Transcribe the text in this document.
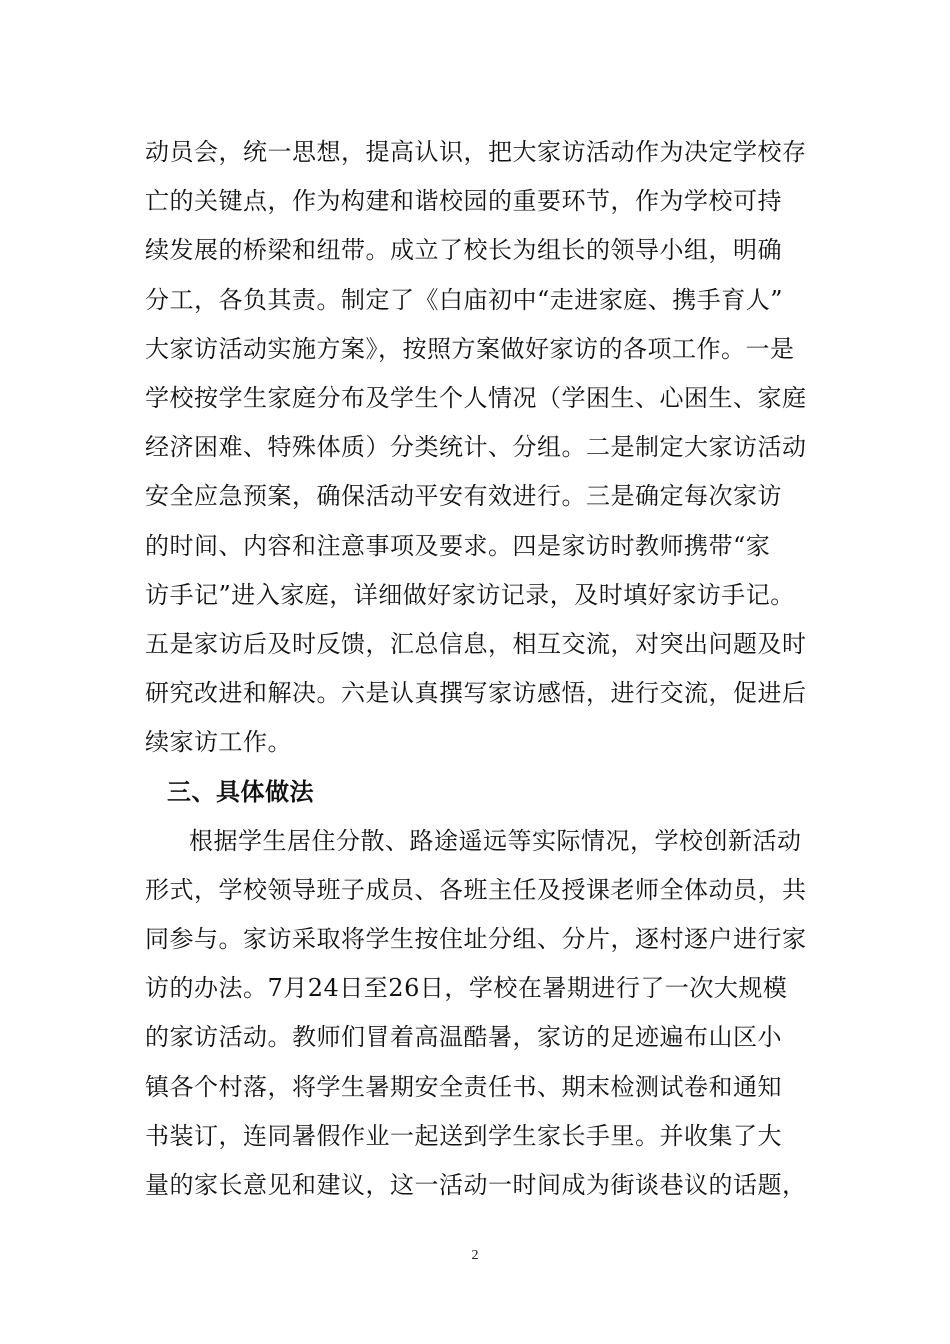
动员会，统一思想，提高认识，把大家访活动作为决定学校存
亡的关键点，作为构建和谐校园的重要环节，作为学校可持
续发展的桥梁和纽带。成立了校长为组长的领导小组，明确
分工，各负其责。制定了《白庙初中“走进家庭、携手育人”
大家访活动实施方案》，按照方案做好家访的各项工作。一是
学校按学生家庭分布及学生个人情况（学困生、心困生、家庭
经济困难、特殊体质）分类统计、分组。二是制定大家访活动
安全应急预案，确保活动平安有效进行。三是确定每次家访
的时间、内容和注意事项及要求。四是家访时教师携带“家
访手记”进入家庭，详细做好家访记录，及时填好家访手记。
五是家访后及时反馈，汇总信息，相互交流，对突出问题及时
研究改进和解决。六是认真撰写家访感悟，进行交流，促进后
续家访工作。
三、具体做法
根据学生居住分散、路途遥远等实际情况，学校创新活动
形式，学校领导班子成员、各班主任及授课老师全体动员，共
同参与。家访采取将学生按住址分组、分片，逐村逐户进行家
访的办法。7月24日至26日，学校在暑期进行了一次大规模
的家访活动。教师们冒着高温酷暑，家访的足迹遍布山区小
镇各个村落，将学生暑期安全责任书、期末检测试卷和通知
书装订，连同暑假作业一起送到学生家长手里。并收集了大
量的家长意见和建议，这一活动一时间成为街谈巷议的话题，
2
